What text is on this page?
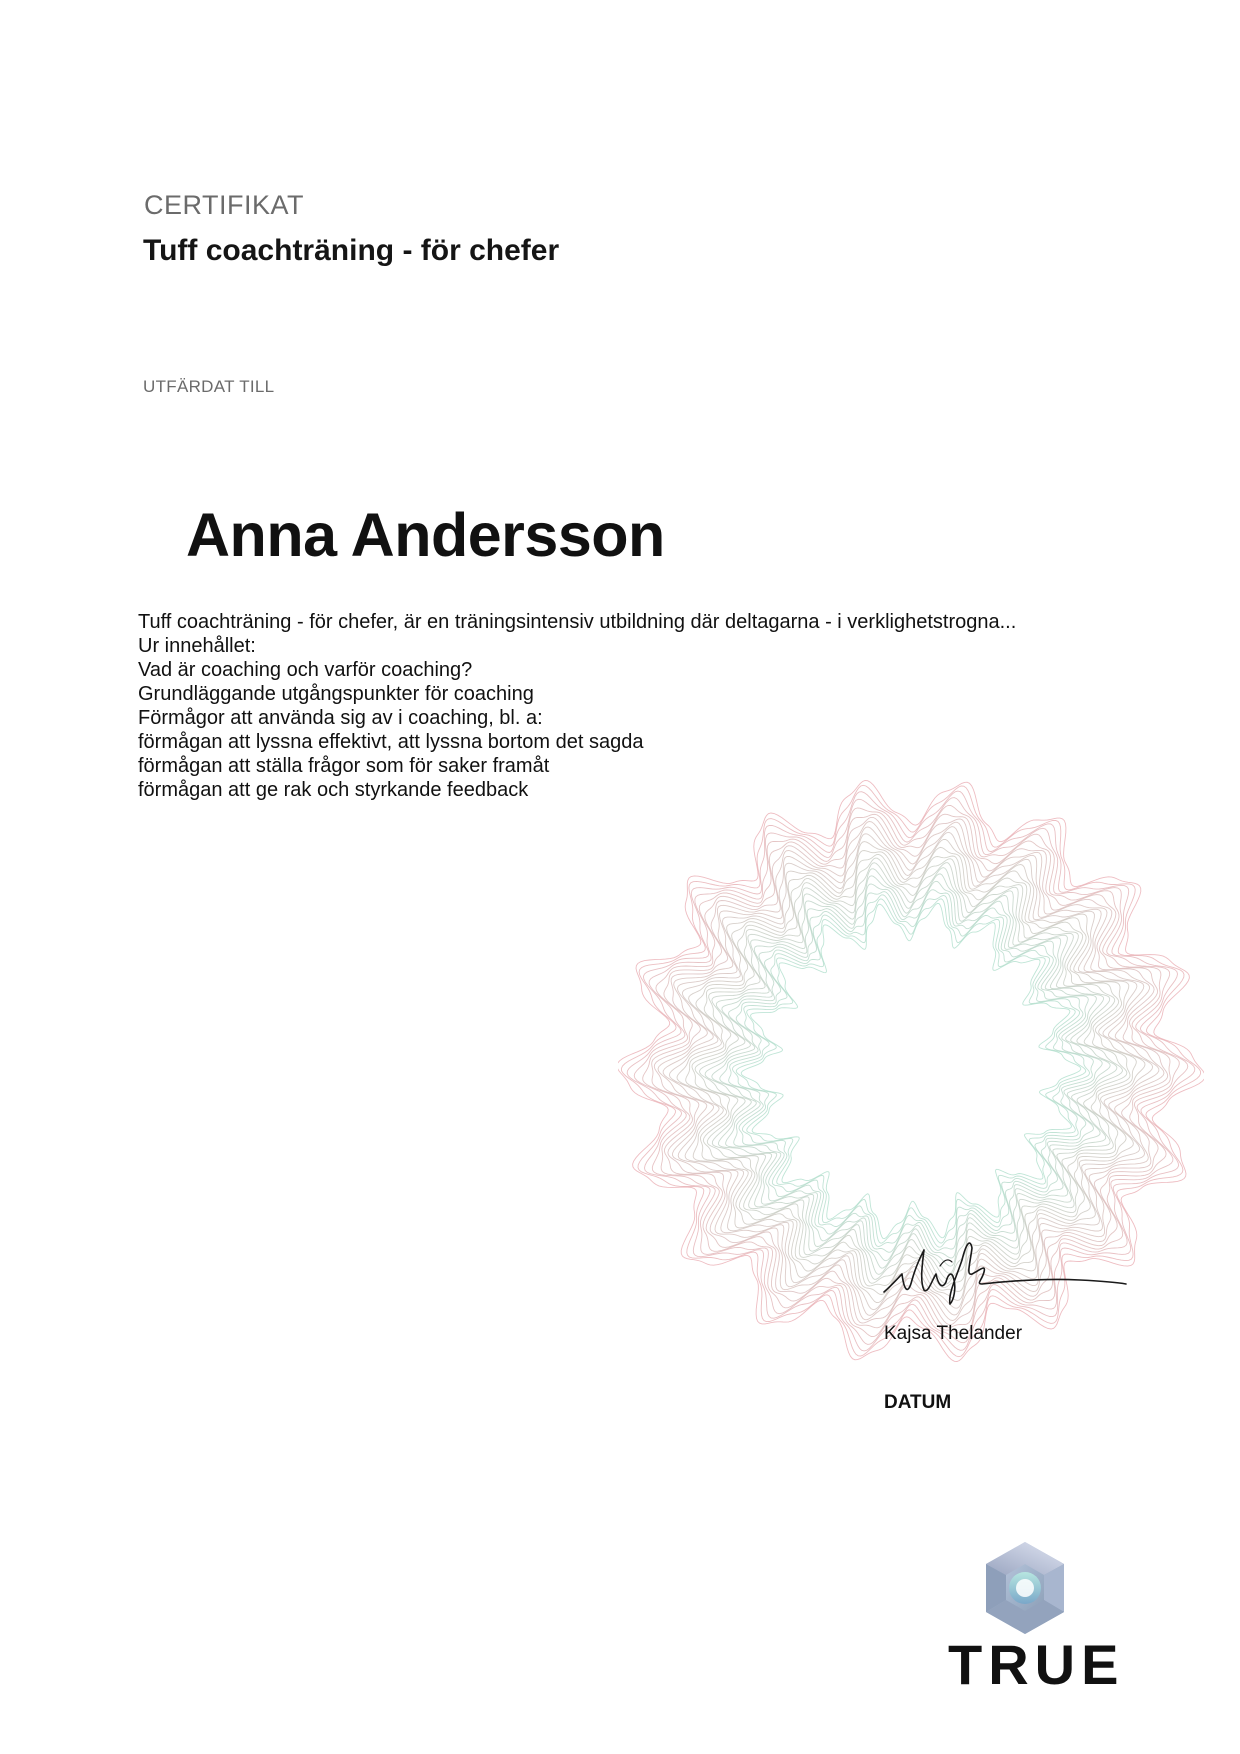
CERTIFIKAT
Tuff coachträning - för chefer
UTFÄRDAT TILL
Anna Andersson
Tuff coachträning - för chefer, är en träningsintensiv utbildning där deltagarna - i verklighetstrogna...
Ur innehållet:
Vad är coaching och varför coaching?
Grundläggande utgångspunkter för coaching
Förmågor att använda sig av i coaching, bl. a:
förmågan att lyssna effektivt, att lyssna bortom det sagda
förmågan att ställa frågor som för saker framåt
förmågan att ge rak och styrkande feedback
Kajsa Thelander
DATUM
TRUE
